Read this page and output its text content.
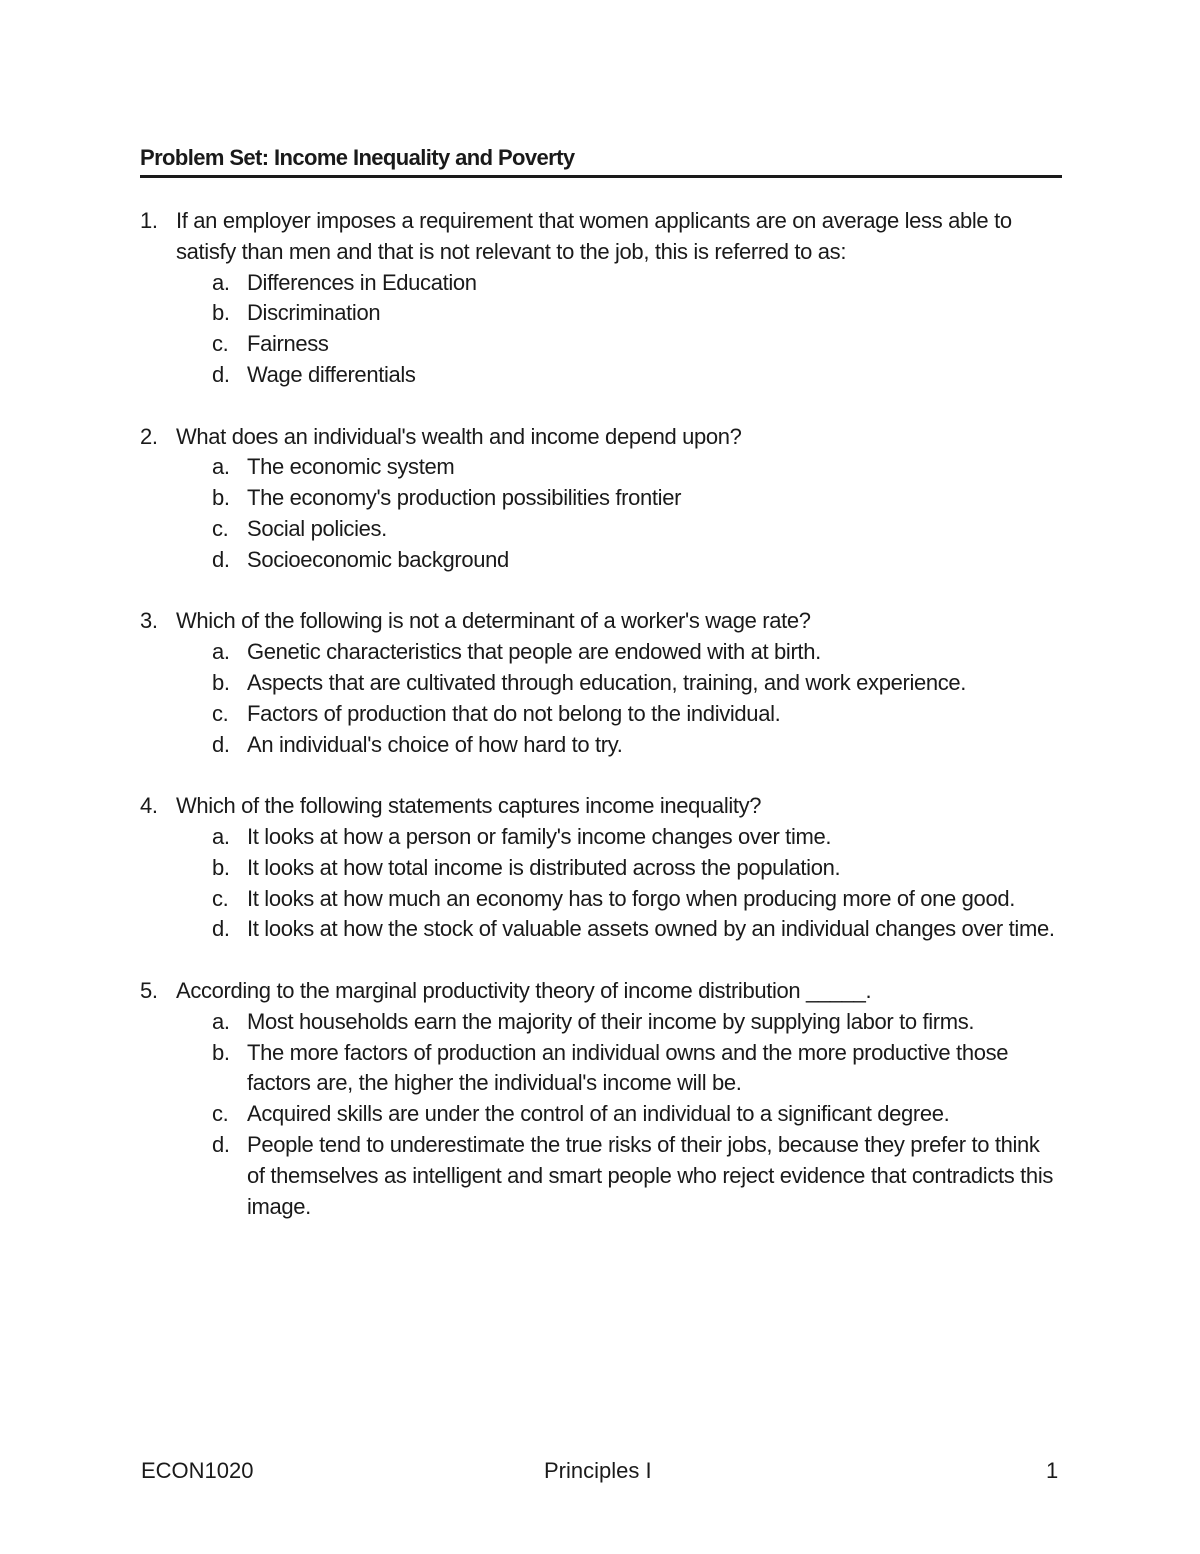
Problem Set: Income Inequality and Poverty
1. If an employer imposes a requirement that women applicants are on average less able to satisfy than men and that is not relevant to the job, this is referred to as:
a. Differences in Education
b. Discrimination
c. Fairness
d. Wage differentials
2. What does an individual's wealth and income depend upon?
a. The economic system
b. The economy's production possibilities frontier
c. Social policies.
d. Socioeconomic background
3. Which of the following is not a determinant of a worker's wage rate?
a. Genetic characteristics that people are endowed with at birth.
b. Aspects that are cultivated through education, training, and work experience.
c. Factors of production that do not belong to the individual.
d. An individual's choice of how hard to try.
4. Which of the following statements captures income inequality?
a. It looks at how a person or family's income changes over time.
b. It looks at how total income is distributed across the population.
c. It looks at how much an economy has to forgo when producing more of one good.
d. It looks at how the stock of valuable assets owned by an individual changes over time.
5. According to the marginal productivity theory of income distribution _____.
a. Most households earn the majority of their income by supplying labor to firms.
b. The more factors of production an individual owns and the more productive those factors are, the higher the individual's income will be.
c. Acquired skills are under the control of an individual to a significant degree.
d. People tend to underestimate the true risks of their jobs, because they prefer to think of themselves as intelligent and smart people who reject evidence that contradicts this image.
ECON1020	Principles I	1
